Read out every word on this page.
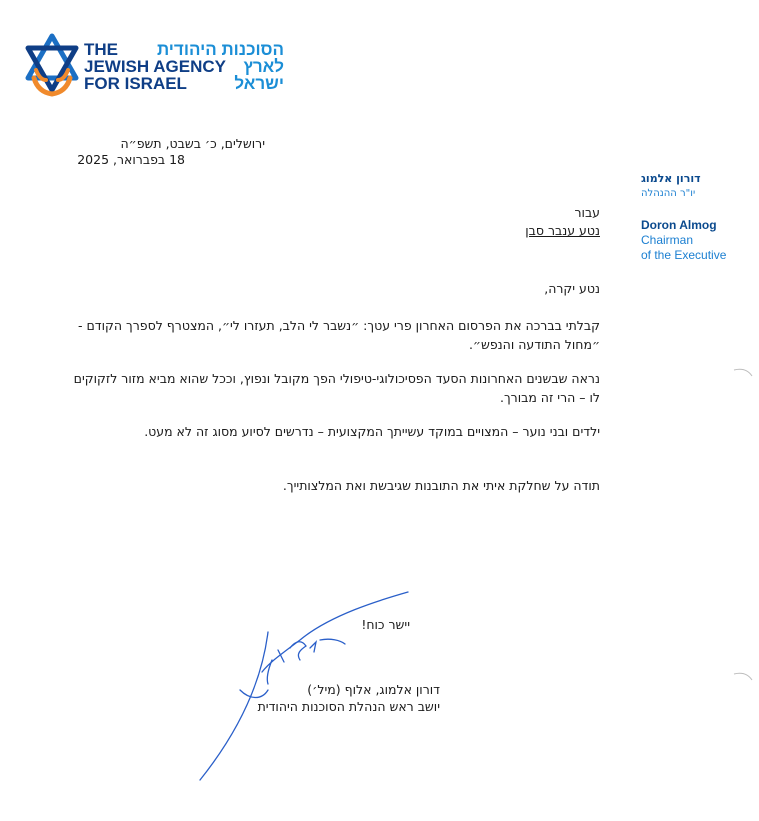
THE הסוכנות היהודית
JEWISH AGENCY לארץ
FOR ISRAEL	ישראל
דורון אלמוג
יו"ר ההנהלה
Doron Almog
Chairman
of the Executive
ירושלים, כ׳ בשבט, תשפ״ה
18 בפברואר, 2025
עבור
נטע ענבר סבן
נטע יקרה,
קבלתי בברכה את הפרסום האחרון פרי עטך: ״נשבר לי הלב, תעזרו לי״, המצטרף לספרך הקודם - ״מחול התודעה והנפש״.
נראה שבשנים האחרונות הסעד הפסיכולוגי-טיפולי הפך מקובל ונפוץ, וככל שהוא מביא מזור לזקוקים לו – הרי זה מבורך.
ילדים ובני נוער – המצויים במוקד עשייתך המקצועית – נדרשים לסיוע מסוג זה לא מעט.
תודה על שחלקת איתי את התובנות שגיבשת ואת המלצותייך.
יישר כוח!
דורון אלמוג, אלוף (מיל׳)
יושב ראש הנהלת הסוכנות היהודית
